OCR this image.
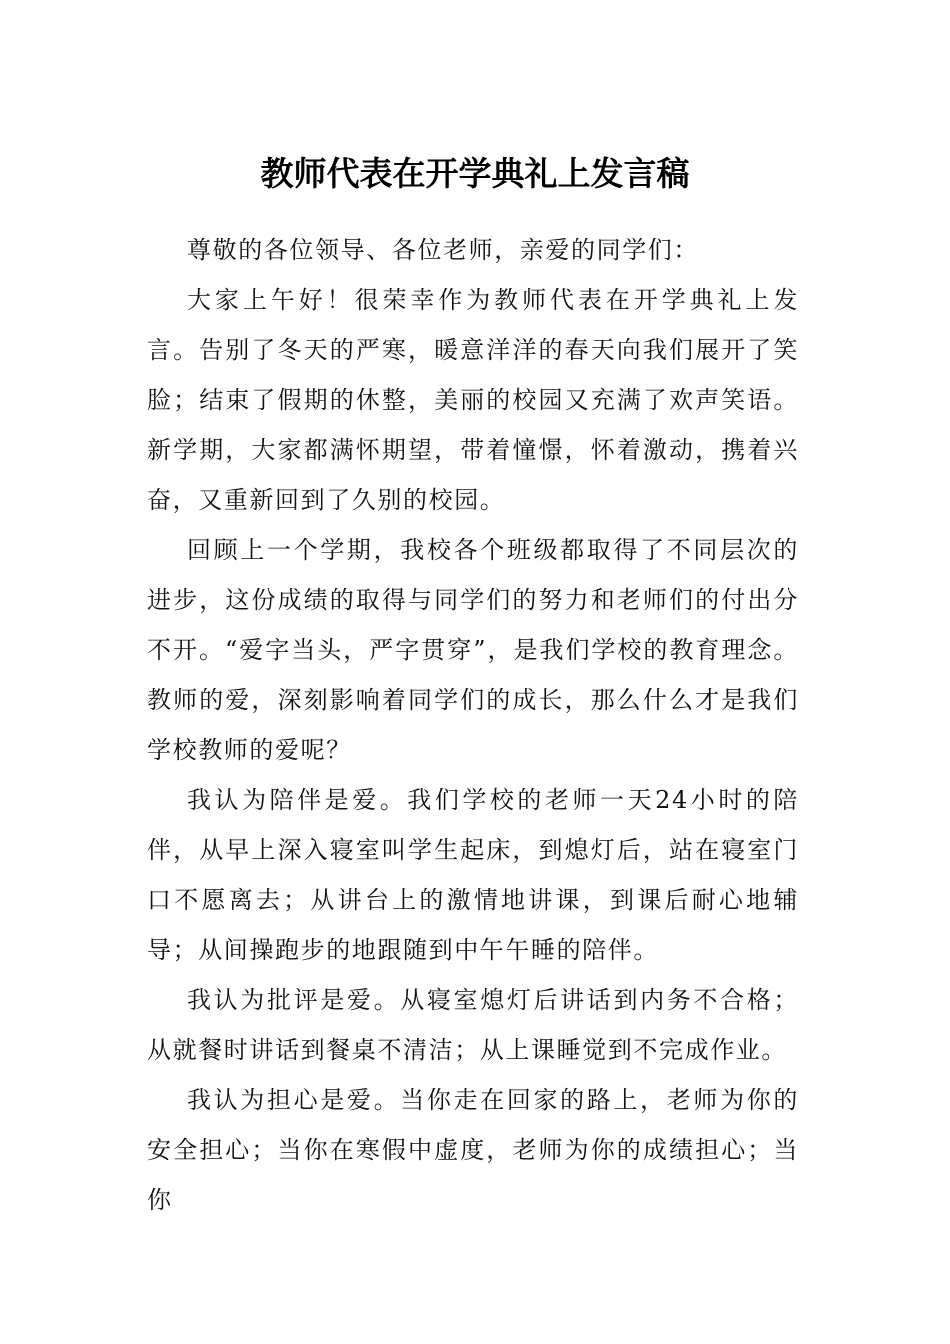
教师代表在开学典礼上发言稿

尊敬的各位领导、各位老师，亲爱的同学们：

大家上午好！很荣幸作为教师代表在开学典礼上发言。告别了冬天的严寒，暖意洋洋的春天向我们展开了笑脸；结束了假期的休整，美丽的校园又充满了欢声笑语。新学期，大家都满怀期望，带着憧憬，怀着激动，携着兴奋，又重新回到了久别的校园。

回顾上一个学期，我校各个班级都取得了不同层次的进步，这份成绩的取得与同学们的努力和老师们的付出分不开。“爱字当头，严字贯穿”，是我们学校的教育理念。教师的爱，深刻影响着同学们的成长，那么什么才是我们学校教师的爱呢？

我认为陪伴是爱。我们学校的老师一天24小时的陪伴，从早上深入寝室叫学生起床，到熄灯后，站在寝室门口不愿离去；从讲台上的激情地讲课，到课后耐心地辅导；从间操跑步的地跟随到中午午睡的陪伴。

我认为批评是爱。从寝室熄灯后讲话到内务不合格；从就餐时讲话到餐桌不清洁；从上课睡觉到不完成作业。

我认为担心是爱。当你走在回家的路上，老师为你的安全担心；当你在寒假中虚度，老师为你的成绩担心；当你
